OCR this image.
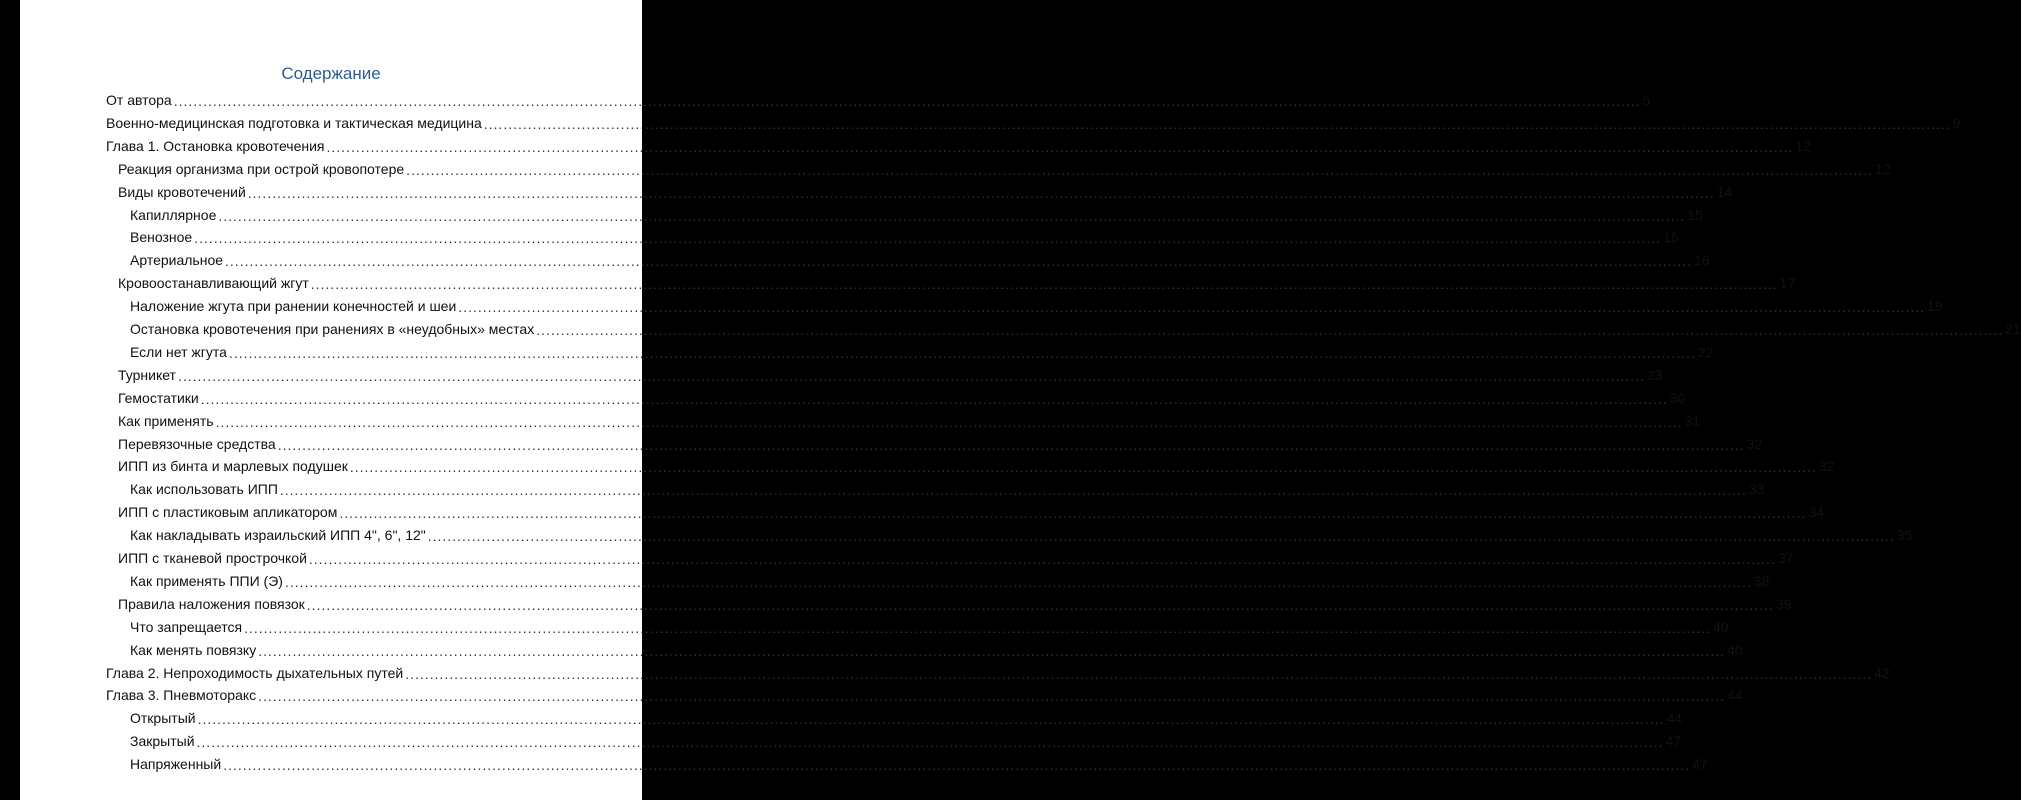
Содержание
От автора ............................................................................................................................................................................................................................................................................................................ 5
Военно-медицинская подготовка и тактическая медицина ............................................................................................................................................................................................................................................................................................................ 9
Глава 1. Остановка кровотечения ............................................................................................................................................................................................................................................................................................................ 12
Реакция организма при острой кровопотере ............................................................................................................................................................................................................................................................................................................ 12
Виды кровотечений ............................................................................................................................................................................................................................................................................................................ 14
Капиллярное ............................................................................................................................................................................................................................................................................................................ 15
Венозное ............................................................................................................................................................................................................................................................................................................ 15
Артериальное ............................................................................................................................................................................................................................................................................................................ 16
Кровоостанавливающий жгут ............................................................................................................................................................................................................................................................................................................ 17
Наложение жгута при ранении конечностей и шеи ............................................................................................................................................................................................................................................................................................................ 19
Остановка кровотечения при ранениях в «неудобных» местах ............................................................................................................................................................................................................................................................................................................ 21
Если нет жгута ............................................................................................................................................................................................................................................................................................................ 22
Турникет ............................................................................................................................................................................................................................................................................................................ 23
Гемостатики ............................................................................................................................................................................................................................................................................................................ 30
Как применять ............................................................................................................................................................................................................................................................................................................ 31
Перевязочные средства ............................................................................................................................................................................................................................................................................................................ 32
ИПП из бинта и марлевых подушек ............................................................................................................................................................................................................................................................................................................ 32
Как использовать ИПП ............................................................................................................................................................................................................................................................................................................ 33
ИПП с пластиковым апликатором ............................................................................................................................................................................................................................................................................................................ 34
Как накладывать израильский ИПП 4", 6", 12" ............................................................................................................................................................................................................................................................................................................ 35
ИПП с тканевой прострочкой ............................................................................................................................................................................................................................................................................................................ 37
Как применять ППИ (Э) ............................................................................................................................................................................................................................................................................................................ 38
Правила наложения повязок ............................................................................................................................................................................................................................................................................................................ 39
Что запрещается ............................................................................................................................................................................................................................................................................................................ 40
Как менять повязку ............................................................................................................................................................................................................................................................................................................ 40
Глава 2. Непроходимость дыхательных путей ............................................................................................................................................................................................................................................................................................................ 42
Глава 3. Пневмоторакс ............................................................................................................................................................................................................................................................................................................ 44
Открытый ............................................................................................................................................................................................................................................................................................................ 44
Закрытый ............................................................................................................................................................................................................................................................................................................ 47
Напряженный ............................................................................................................................................................................................................................................................................................................ 47
